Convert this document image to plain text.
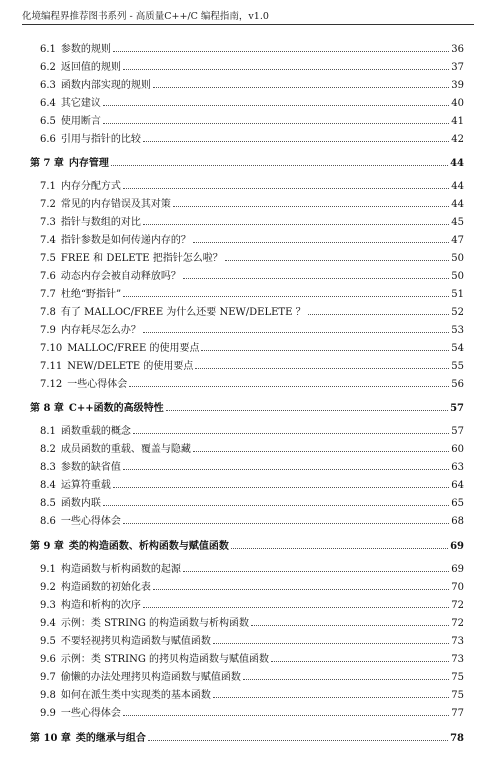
化境编程界推荐图书系列 - 高质量C++/C 编程指南，v1.0
6.1 参数的规则	36
6.2 返回值的规则	37
6.3 函数内部实现的规则	39
6.4 其它建议	40
6.5 使用断言	41
6.6 引用与指针的比较	42
第 7 章 内存管理	44
7.1 内存分配方式	44
7.2 常见的内存错误及其对策	44
7.3 指针与数组的对比	45
7.4 指针参数是如何传递内存的？	47
7.5 FREE 和 DELETE 把指针怎么啦？	50
7.6 动态内存会被自动释放吗？	50
7.7 杜绝“野指针”	51
7.8 有了 MALLOC/FREE 为什么还要 NEW/DELETE ？	52
7.9 内存耗尽怎么办？	53
7.10 MALLOC/FREE 的使用要点	54
7.11 NEW/DELETE 的使用要点	55
7.12 一些心得体会	56
第 8 章 C++函数的高级特性	57
8.1 函数重载的概念	57
8.2 成员函数的重载、覆盖与隐藏	60
8.3 参数的缺省值	63
8.4 运算符重载	64
8.5 函数内联	65
8.6 一些心得体会	68
第 9 章 类的构造函数、析构函数与赋值函数	69
9.1 构造函数与析构函数的起源	69
9.2 构造函数的初始化表	70
9.3 构造和析构的次序	72
9.4 示例：类 STRING 的构造函数与析构函数	72
9.5 不要轻视拷贝构造函数与赋值函数	73
9.6 示例：类 STRING 的拷贝构造函数与赋值函数	73
9.7 偷懒的办法处理拷贝构造函数与赋值函数	75
9.8 如何在派生类中实现类的基本函数	75
9.9 一些心得体会	77
第 10 章 类的继承与组合	78
